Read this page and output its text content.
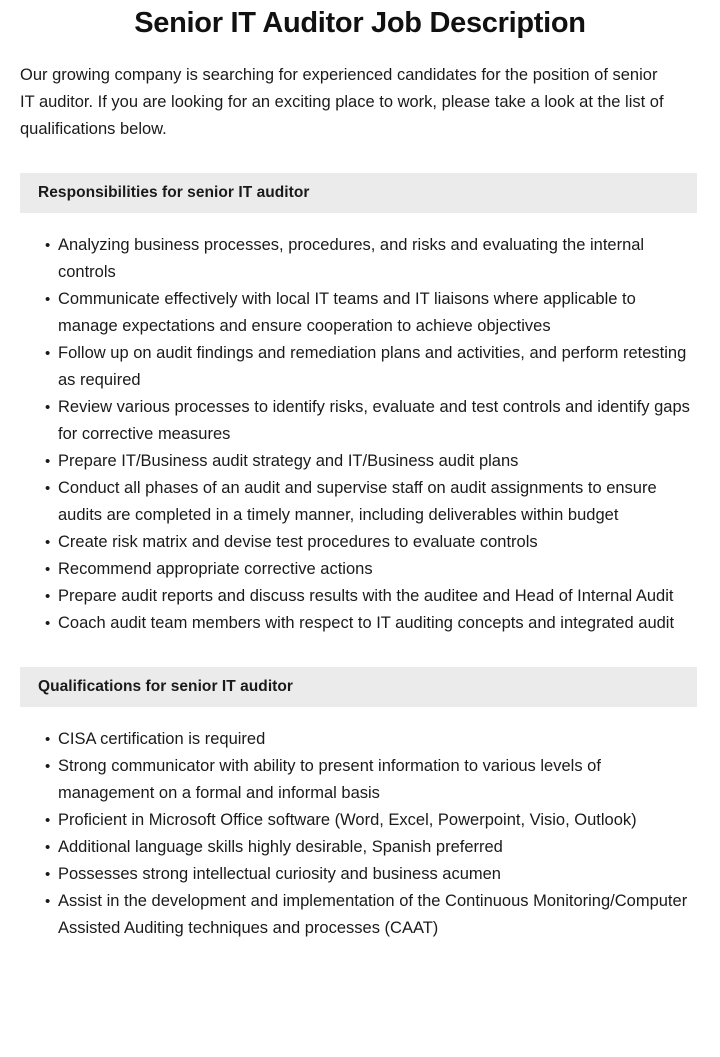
Senior IT Auditor Job Description

Our growing company is searching for experienced candidates for the position of senior IT auditor. If you are looking for an exciting place to work, please take a look at the list of qualifications below.

Responsibilities for senior IT auditor
• Analyzing business processes, procedures, and risks and evaluating the internal controls
• Communicate effectively with local IT teams and IT liaisons where applicable to manage expectations and ensure cooperation to achieve objectives
• Follow up on audit findings and remediation plans and activities, and perform retesting as required
• Review various processes to identify risks, evaluate and test controls and identify gaps for corrective measures
• Prepare IT/Business audit strategy and IT/Business audit plans
• Conduct all phases of an audit and supervise staff on audit assignments to ensure audits are completed in a timely manner, including deliverables within budget
• Create risk matrix and devise test procedures to evaluate controls
• Recommend appropriate corrective actions
• Prepare audit reports and discuss results with the auditee and Head of Internal Audit
• Coach audit team members with respect to IT auditing concepts and integrated audit
Qualifications for senior IT auditor
• CISA certification is required
• Strong communicator with ability to present information to various levels of management on a formal and informal basis
• Proficient in Microsoft Office software (Word, Excel, Powerpoint, Visio, Outlook)
• Additional language skills highly desirable, Spanish preferred
• Possesses strong intellectual curiosity and business acumen
• Assist in the development and implementation of the Continuous Monitoring/Computer Assisted Auditing techniques and processes (CAAT)
